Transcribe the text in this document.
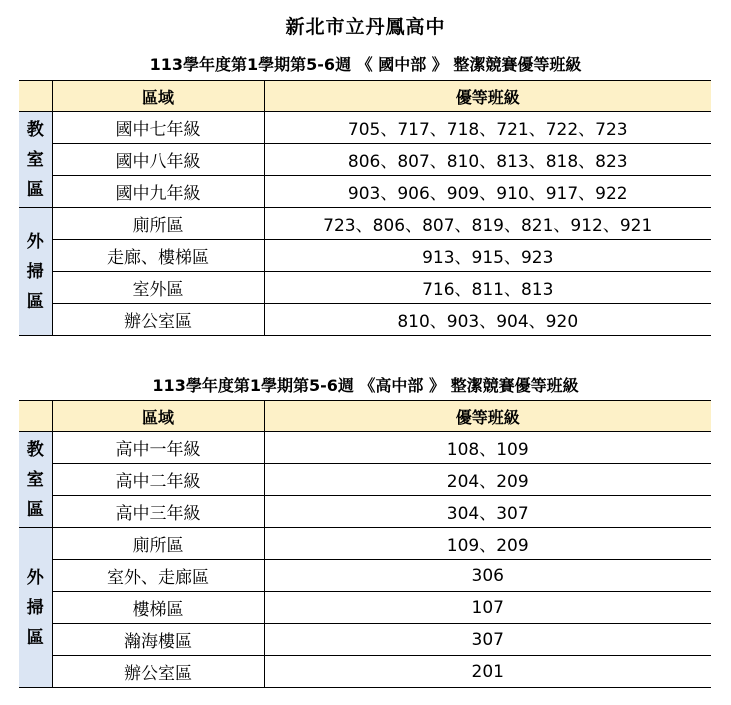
新北市立丹鳳高中
113學年度第1學期第5-6週 《 國中部 》 整潔競賽優等班級
	區域	優等班級
教室區	國中七年級	705、717、718、721、722、723
	國中八年級	806、807、810、813、818、823
	國中九年級	903、906、909、910、917、922
外掃區	廁所區	723、806、807、819、821、912、921
	走廊、樓梯區	913、915、923
	室外區	716、811、813
	辦公室區	810、903、904、920
113學年度第1學期第5-6週 《高中部 》 整潔競賽優等班級
	區域	優等班級
教室區	高中一年級	108、109
	高中二年級	204、209
	高中三年級	304、307
外掃區	廁所區	109、209
	室外、走廊區	306
	樓梯區	107
	瀚海樓區	307
	辦公室區	201
